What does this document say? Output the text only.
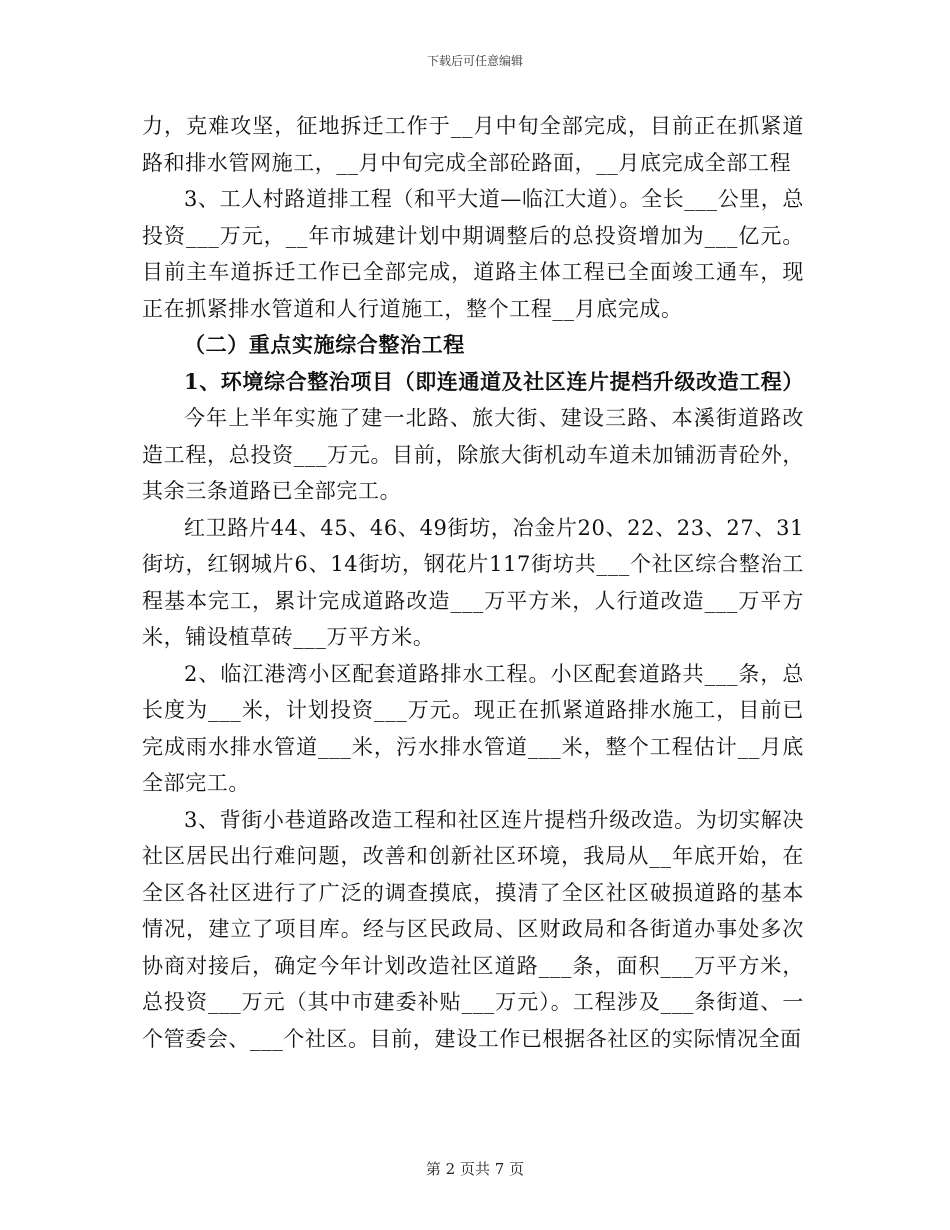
下载后可任意编辑

力，克难攻坚，征地拆迁工作于__月中旬全部完成，目前正在抓紧道路和排水管网施工，__月中旬完成全部砼路面，__月底完成全部工程

3、工人村路道排工程（和平大道—临江大道）。全长___公里，总投资___万元，__年市城建计划中期调整后的总投资增加为___亿元。目前主车道拆迁工作已全部完成，道路主体工程已全面竣工通车，现正在抓紧排水管道和人行道施工，整个工程__月底完成。

（二）重点实施综合整治工程

1、环境综合整治项目（即连通道及社区连片提档升级改造工程）

今年上半年实施了建一北路、旅大街、建设三路、本溪街道路改造工程，总投资___万元。目前，除旅大街机动车道未加铺沥青砼外，其余三条道路已全部完工。

红卫路片44、45、46、49街坊，冶金片20、22、23、27、31街坊，红钢城片6、14街坊，钢花片117街坊共___个社区综合整治工程基本完工，累计完成道路改造___万平方米，人行道改造___万平方米，铺设植草砖___万平方米。

2、临江港湾小区配套道路排水工程。小区配套道路共___条，总长度为___米，计划投资___万元。现正在抓紧道路排水施工，目前已完成雨水排水管道___米，污水排水管道___米，整个工程估计__月底全部完工。

3、背街小巷道路改造工程和社区连片提档升级改造。为切实解决社区居民出行难问题，改善和创新社区环境，我局从__年底开始，在全区各社区进行了广泛的调查摸底，摸清了全区社区破损道路的基本情况，建立了项目库。经与区民政局、区财政局和各街道办事处多次协商对接后，确定今年计划改造社区道路___条，面积___万平方米，总投资___万元（其中市建委补贴___万元）。工程涉及___条街道、一个管委会、___个社区。目前，建设工作已根据各社区的实际情况全面

第 2 页共 7 页
